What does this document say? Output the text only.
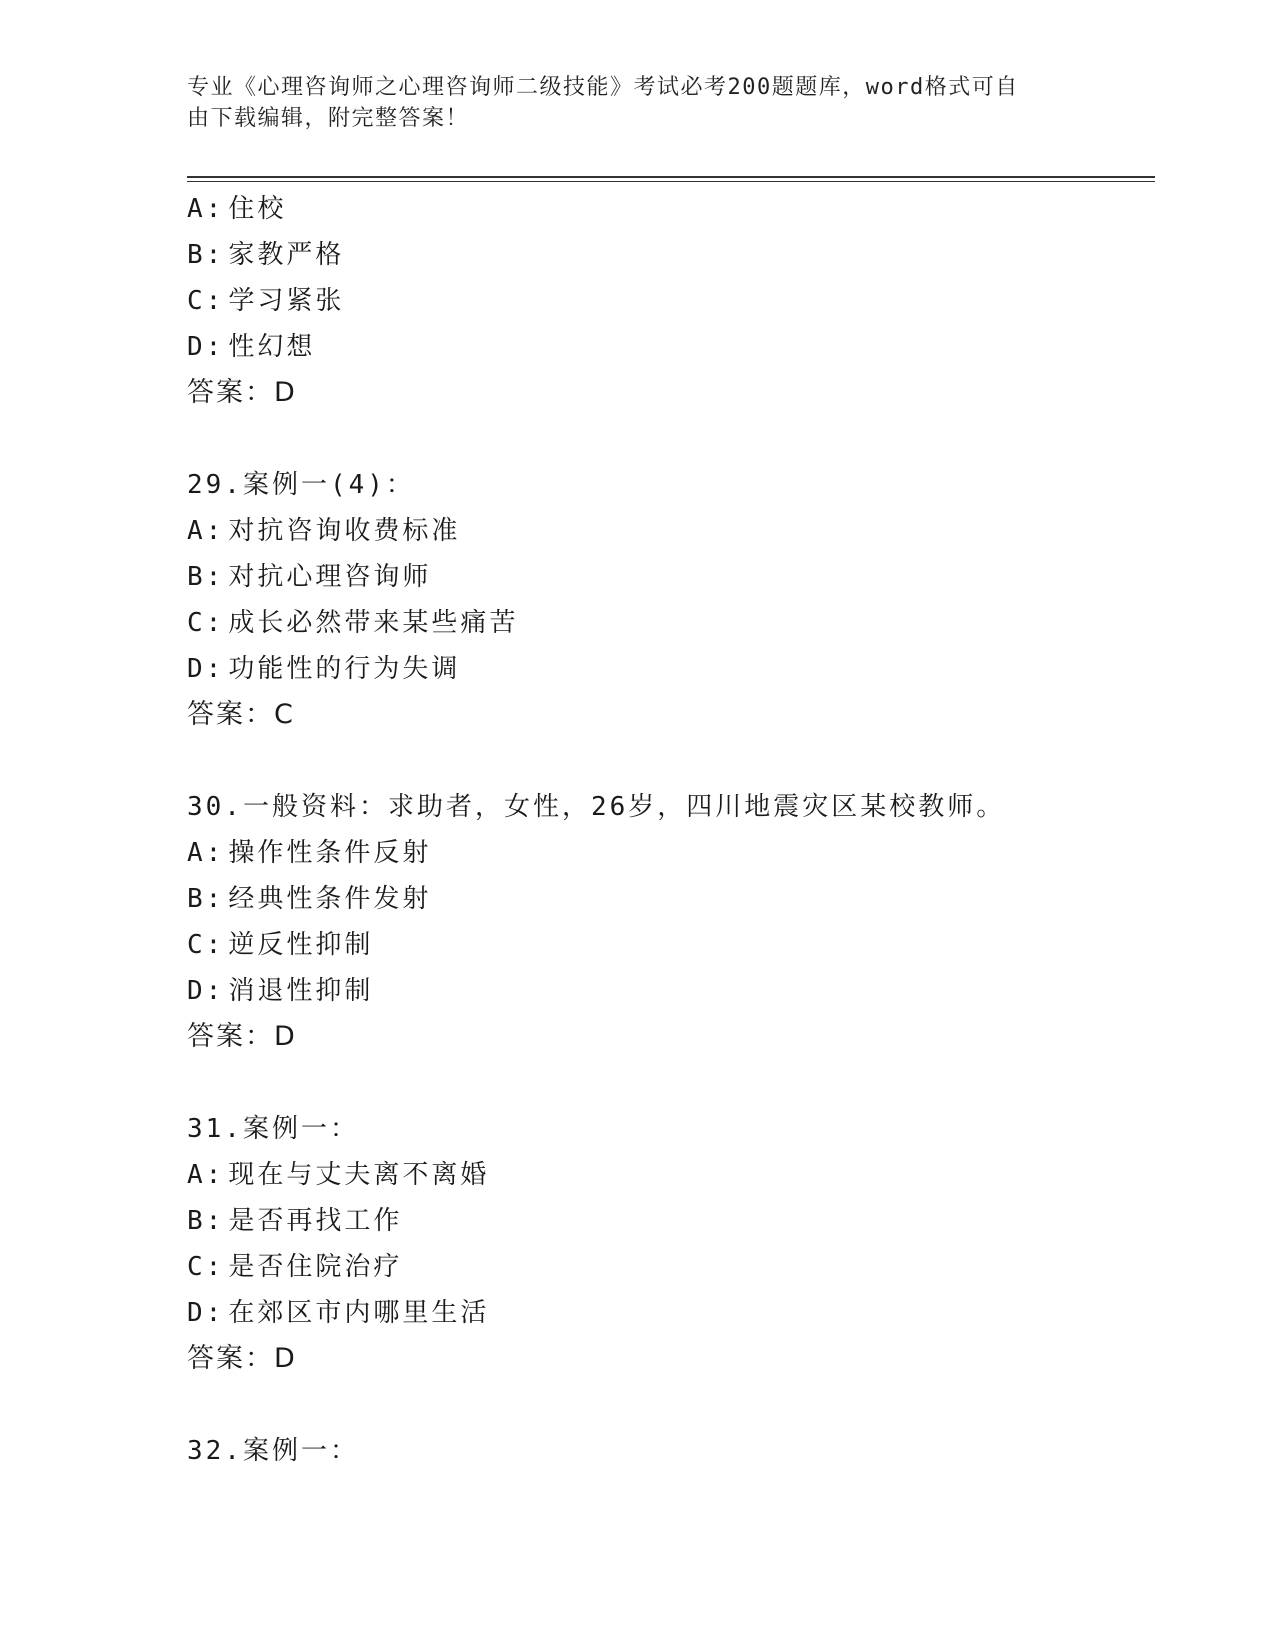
专业《心理咨询师之心理咨询师二级技能》考试必考200题题库，word格式可自
由下载编辑，附完整答案！
A: 住校
B: 家教严格
C: 学习紧张
D: 性幻想
答案：D
29.案例一(4)：
A: 对抗咨询收费标准
B: 对抗心理咨询师
C: 成长必然带来某些痛苦
D: 功能性的行为失调
答案：C
30.一般资料：求助者，女性，26岁，四川地震灾区某校教师。
A: 操作性条件反射
B: 经典性条件发射
C: 逆反性抑制
D: 消退性抑制
答案：D
31.案例一：
A: 现在与丈夫离不离婚
B: 是否再找工作
C: 是否住院治疗
D: 在郊区市内哪里生活
答案：D
32.案例一：
